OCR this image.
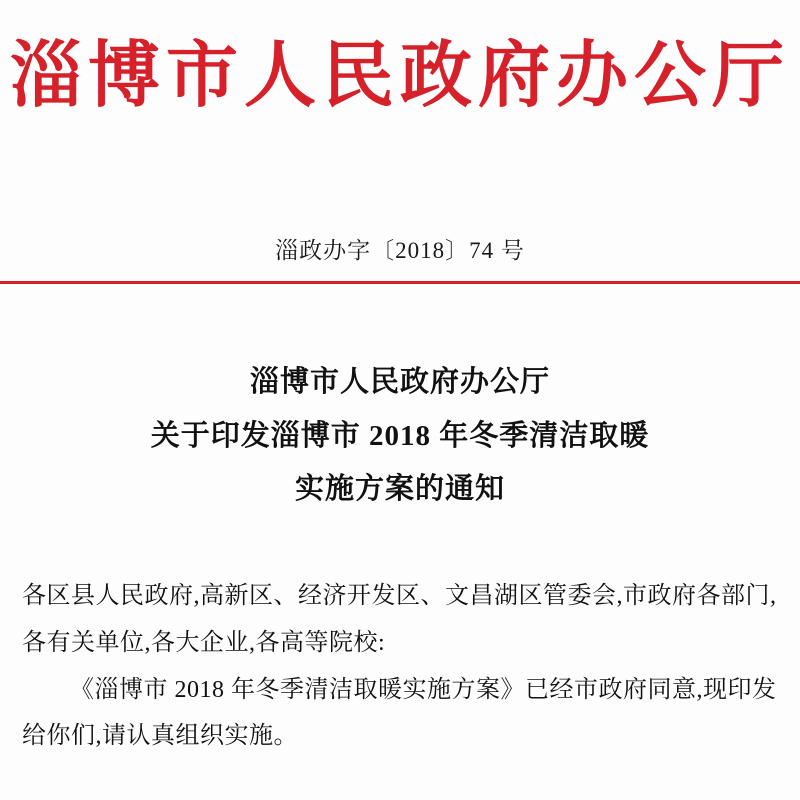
淄博市人民政府办公厅
淄政办字〔2018〕74 号
淄博市人民政府办公厅
关于印发淄博市 2018 年冬季清洁取暖
实施方案的通知

各区县人民政府,高新区、经济开发区、文昌湖区管委会,市政府各部门,各有关单位,各大企业,各高等院校:

《淄博市 2018 年冬季清洁取暖实施方案》已经市政府同意,现印发给你们,请认真组织实施。
